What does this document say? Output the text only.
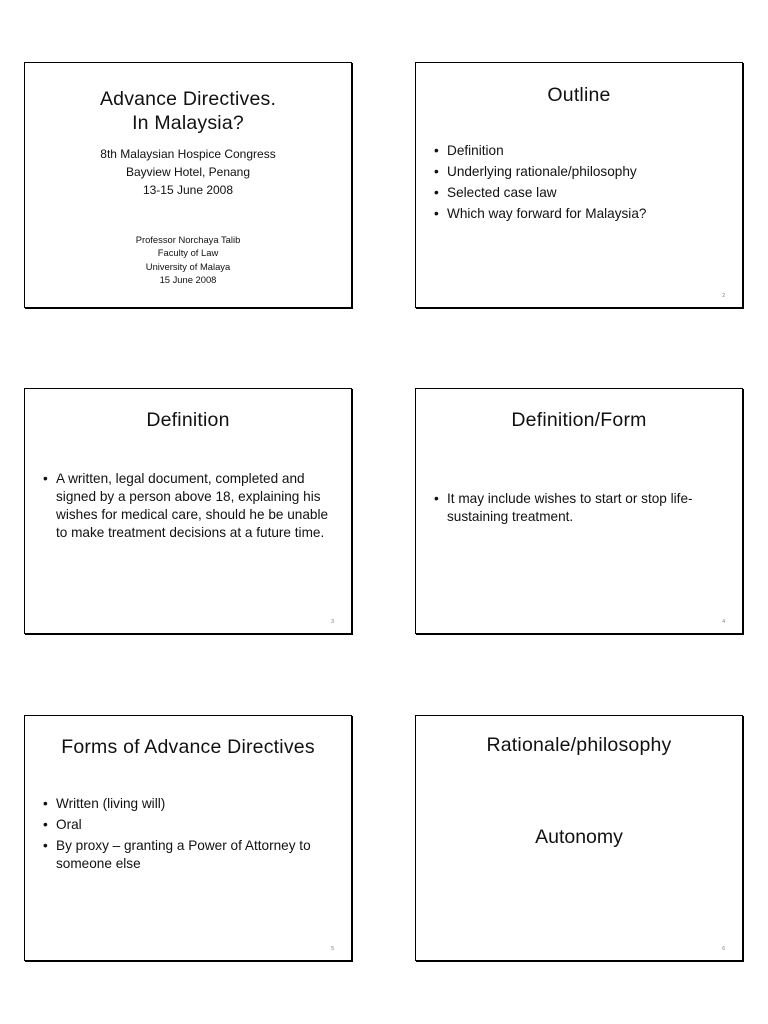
Advance Directives.
In Malaysia?
8th Malaysian Hospice Congress
Bayview Hotel, Penang
13-15 June 2008
Professor Norchaya Talib
Faculty of Law
University of Malaya
15 June 2008
Outline
• Definition
• Underlying rationale/philosophy
• Selected case law
• Which way forward for Malaysia?
2
Definition
• A written, legal document, completed and signed by a person above 18, explaining his wishes for medical care, should he be unable to make treatment decisions at a future time.
3
Definition/Form
• It may include wishes to start or stop life-sustaining treatment.
4
Forms of Advance Directives
• Written (living will)
• Oral
• By proxy – granting a Power of Attorney to someone else
5
Rationale/philosophy
Autonomy
6
